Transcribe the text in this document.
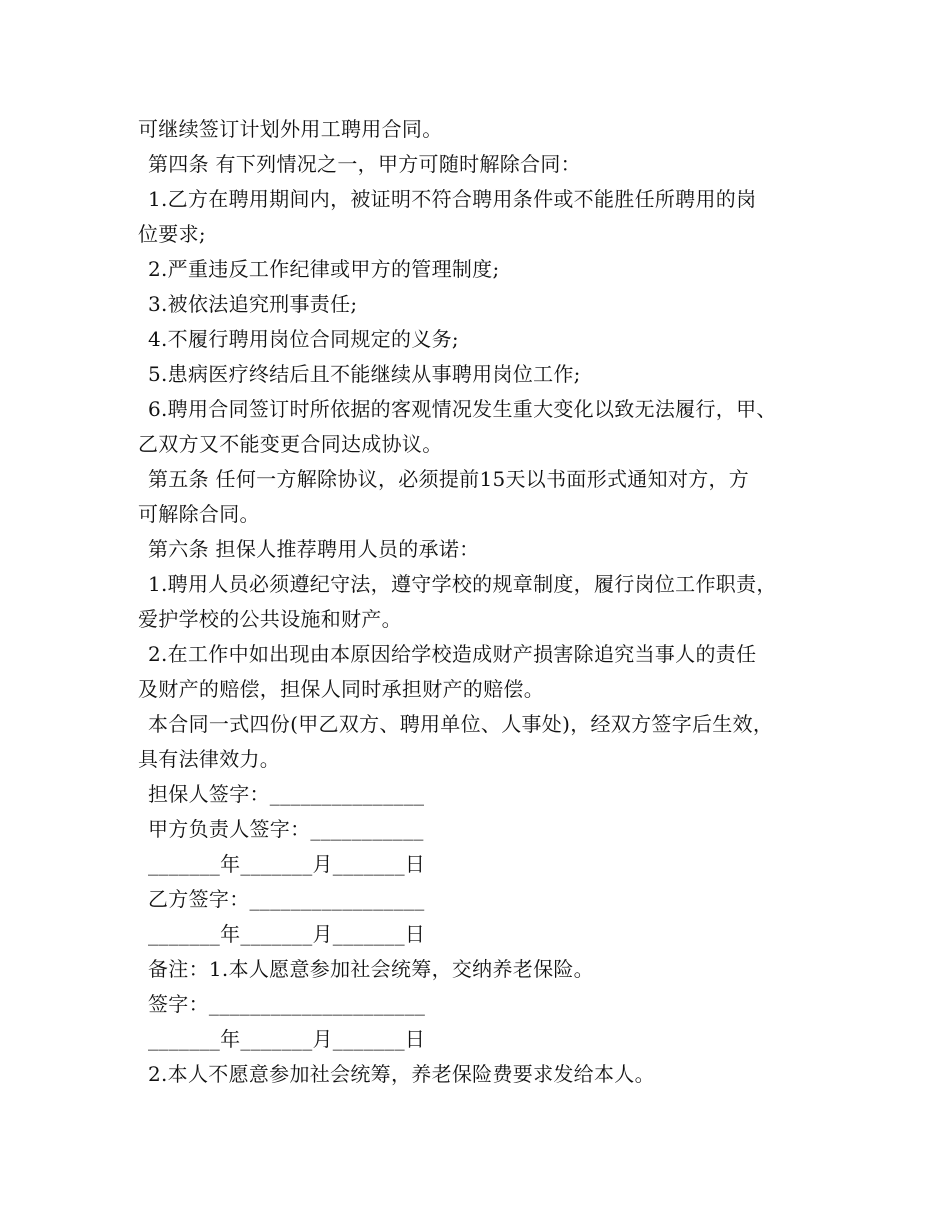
可继续签订计划外用工聘用合同。

第四条 有下列情况之一，甲方可随时解除合同：

1.乙方在聘用期间内，被证明不符合聘用条件或不能胜任所聘用的岗

位要求;

2.严重违反工作纪律或甲方的管理制度;

3.被依法追究刑事责任;

4.不履行聘用岗位合同规定的义务;

5.患病医疗终结后且不能继续从事聘用岗位工作;

6.聘用合同签订时所依据的客观情况发生重大变化以致无法履行，甲、

乙双方又不能变更合同达成协议。

第五条 任何一方解除协议，必须提前15天以书面形式通知对方，方

可解除合同。

第六条 担保人推荐聘用人员的承诺：

1.聘用人员必须遵纪守法，遵守学校的规章制度，履行岗位工作职责，

爱护学校的公共设施和财产。

2.在工作中如出现由本原因给学校造成财产损害除追究当事人的责任

及财产的赔偿，担保人同时承担财产的赔偿。

本合同一式四份(甲乙双方、聘用单位、人事处)，经双方签字后生效，

具有法律效力。

担保人签字：_______________

甲方负责人签字：___________

_______年_______月_______日

乙方签字：_________________

_______年_______月_______日

备注：1.本人愿意参加社会统筹，交纳养老保险。

签字：_____________________

_______年_______月_______日

2.本人不愿意参加社会统筹，养老保险费要求发给本人。
